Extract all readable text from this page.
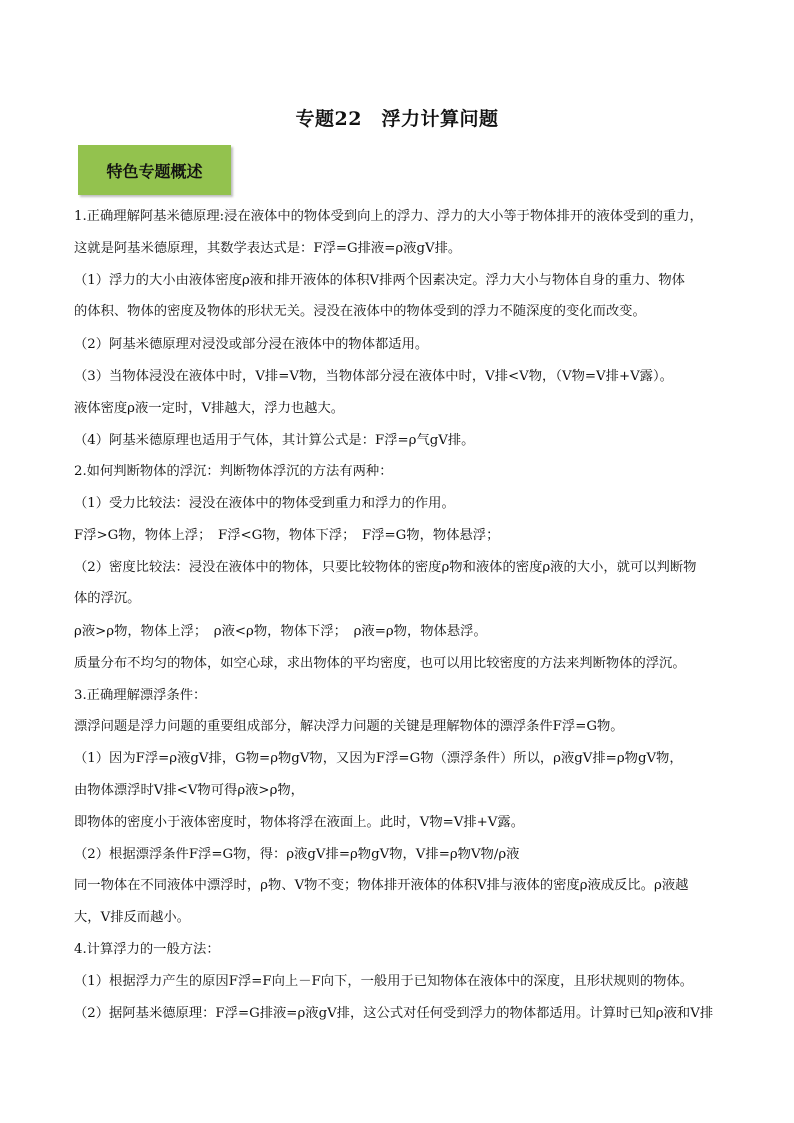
专题22　浮力计算问题
特色专题概述
1.正确理解阿基米德原理:浸在液体中的物体受到向上的浮力、浮力的大小等于物体排开的液体受到的重力，
这就是阿基米德原理，其数学表达式是：F浮=G排液=ρ液gV排。
（1）浮力的大小由液体密度ρ液和排开液体的体积V排两个因素决定。浮力大小与物体自身的重力、物体
的体积、物体的密度及物体的形状无关。浸没在液体中的物体受到的浮力不随深度的变化而改变。
（2）阿基米德原理对浸没或部分浸在液体中的物体都适用。
（3）当物体浸没在液体中时，V排=V物，当物体部分浸在液体中时，V排<V物，（V物=V排+V露）。
液体密度ρ液一定时，V排越大，浮力也越大。
（4）阿基米德原理也适用于气体，其计算公式是：F浮=ρ气gV排。
2.如何判断物体的浮沉：判断物体浮沉的方法有两种：
（1）受力比较法：浸没在液体中的物体受到重力和浮力的作用。
F浮>G物，物体上浮；　F浮<G物，物体下浮；　F浮=G物，物体悬浮；
（2）密度比较法：浸没在液体中的物体，只要比较物体的密度ρ物和液体的密度ρ液的大小，就可以判断物
体的浮沉。
ρ液>ρ物，物体上浮；　ρ液<ρ物，物体下浮；　ρ液=ρ物，物体悬浮。
质量分布不均匀的物体，如空心球，求出物体的平均密度，也可以用比较密度的方法来判断物体的浮沉。
3.正确理解漂浮条件：
漂浮问题是浮力问题的重要组成部分，解决浮力问题的关键是理解物体的漂浮条件F浮=G物。
（1）因为F浮=ρ液gV排，G物=ρ物gV物，又因为F浮=G物（漂浮条件）所以，ρ液gV排=ρ物gV物，
由物体漂浮时V排<V物可得ρ液>ρ物，
即物体的密度小于液体密度时，物体将浮在液面上。此时，V物=V排+V露。
（2）根据漂浮条件F浮=G物，得：ρ液gV排=ρ物gV物，V排=ρ物V物/ρ液
同一物体在不同液体中漂浮时，ρ物、V物不变；物体排开液体的体积V排与液体的密度ρ液成反比。ρ液越
大，V排反而越小。
4.计算浮力的一般方法：
（1）根据浮力产生的原因F浮=F向上－F向下，一般用于已知物体在液体中的深度，且形状规则的物体。
（2）据阿基米德原理：F浮=G排液=ρ液gV排，这公式对任何受到浮力的物体都适用。计算时已知ρ液和V排
